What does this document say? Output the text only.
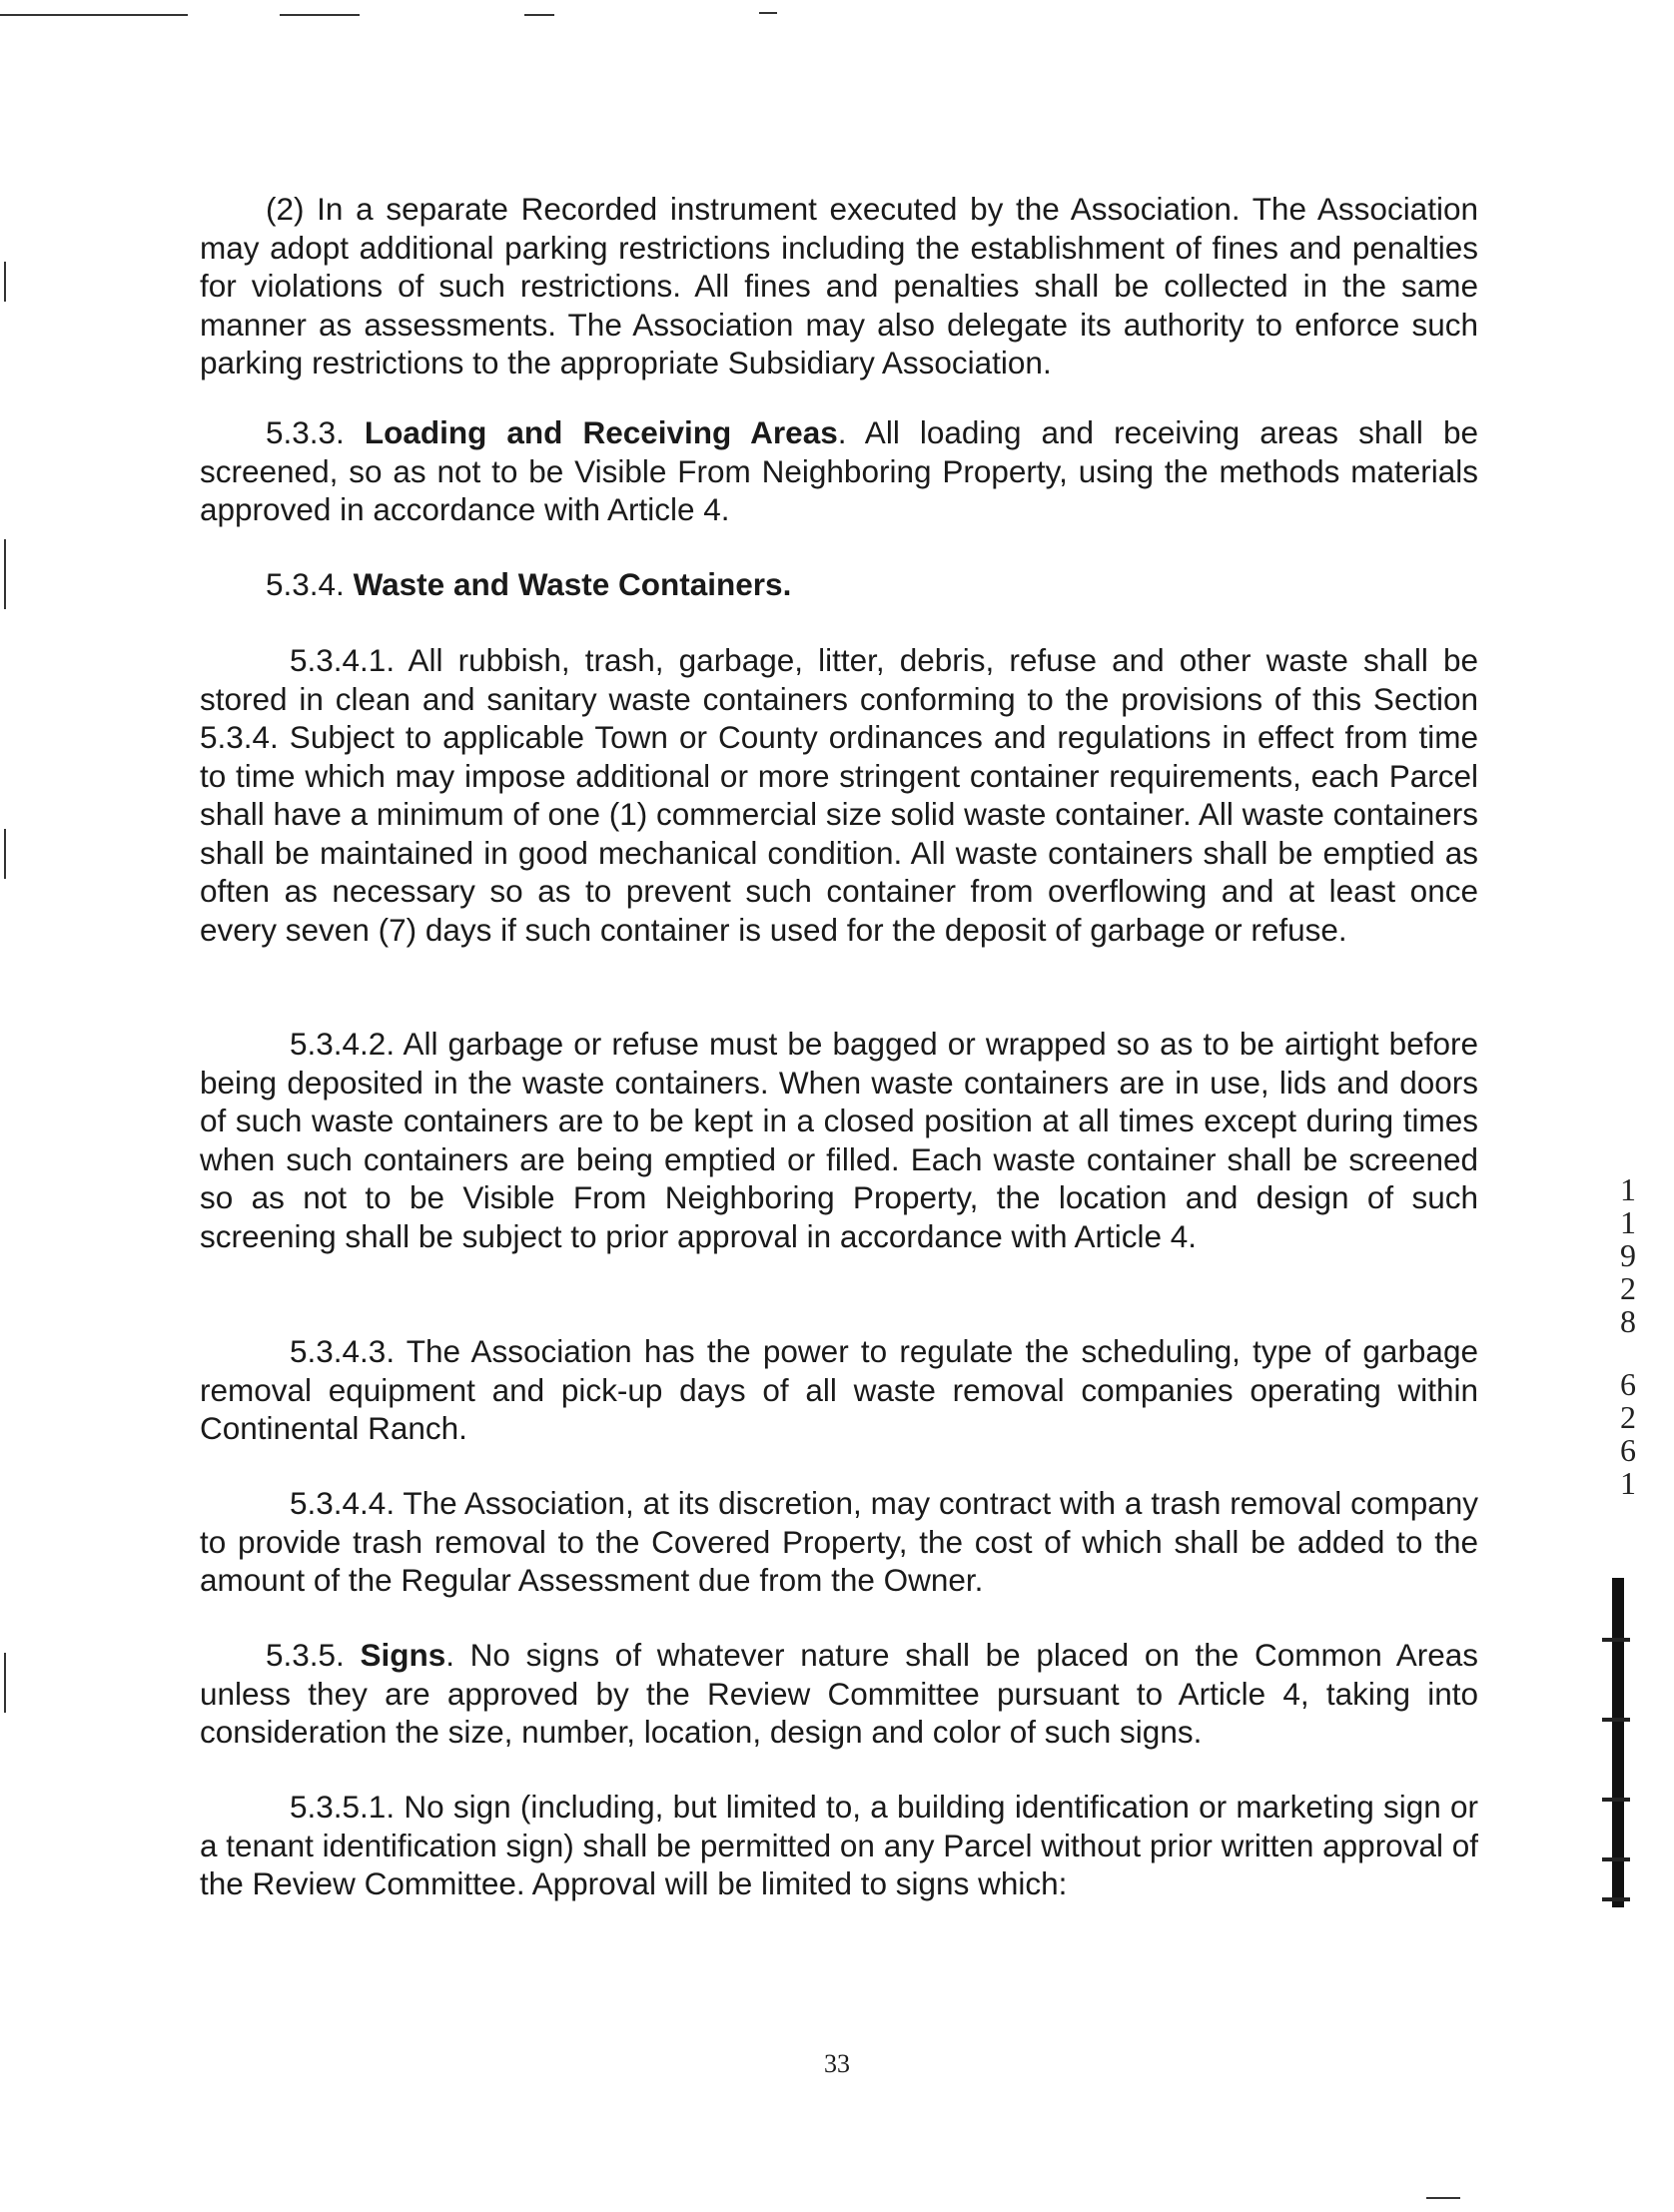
(2) In a separate Recorded instrument executed by the Association. The Association may adopt additional parking restrictions including the establishment of fines and penalties for violations of such restrictions. All fines and penalties shall be collected in the same manner as assessments. The Association may also delegate its authority to enforce such parking restrictions to the appropriate Subsidiary Association.

5.3.3. Loading and Receiving Areas. All loading and receiving areas shall be screened, so as not to be Visible From Neighboring Property, using the methods materials approved in accordance with Article 4.

5.3.4. Waste and Waste Containers.

5.3.4.1. All rubbish, trash, garbage, litter, debris, refuse and other waste shall be stored in clean and sanitary waste containers conforming to the provisions of this Section 5.3.4. Subject to applicable Town or County ordinances and regulations in effect from time to time which may impose additional or more stringent container requirements, each Parcel shall have a minimum of one (1) commercial size solid waste container. All waste containers shall be maintained in good mechanical condition. All waste containers shall be emptied as often as necessary so as to prevent such container from overflowing and at least once every seven (7) days if such container is used for the deposit of garbage or refuse.

5.3.4.2. All garbage or refuse must be bagged or wrapped so as to be airtight before being deposited in the waste containers. When waste containers are in use, lids and doors of such waste containers are to be kept in a closed position at all times except during times when such containers are being emptied or filled. Each waste container shall be screened so as not to be Visible From Neighboring Property, the location and design of such screening shall be subject to prior approval in accordance with Article 4.

5.3.4.3. The Association has the power to regulate the scheduling, type of garbage removal equipment and pick-up days of all waste removal companies operating within Continental Ranch.

5.3.4.4. The Association, at its discretion, may contract with a trash removal company to provide trash removal to the Covered Property, the cost of which shall be added to the amount of the Regular Assessment due from the Owner.

5.3.5. Signs. No signs of whatever nature shall be placed on the Common Areas unless they are approved by the Review Committee pursuant to Article 4, taking into consideration the size, number, location, design and color of such signs.

5.3.5.1. No sign (including, but limited to, a building identification or marketing sign or a tenant identification sign) shall be permitted on any Parcel without prior written approval of the Review Committee. Approval will be limited to signs which:

1
1
9
2
8
6
2
6
1
33
